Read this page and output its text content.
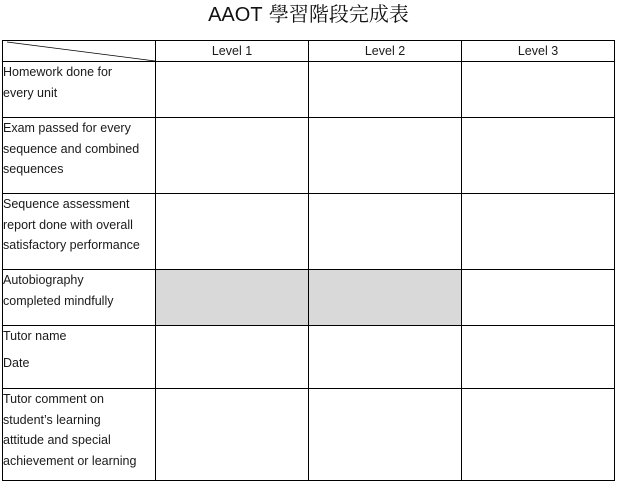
AAOT 學習階段完成表
	Level 1	Level 2	Level 3

Homework done for
every unit			

Exam passed for every
sequence and combined
sequences			

Sequence assessment
report done with overall
satisfactory performance			

Autobiography
completed mindfully			

Tutor name
Date			

Tutor comment on
student’s learning
attitude and special
achievement or learning			
